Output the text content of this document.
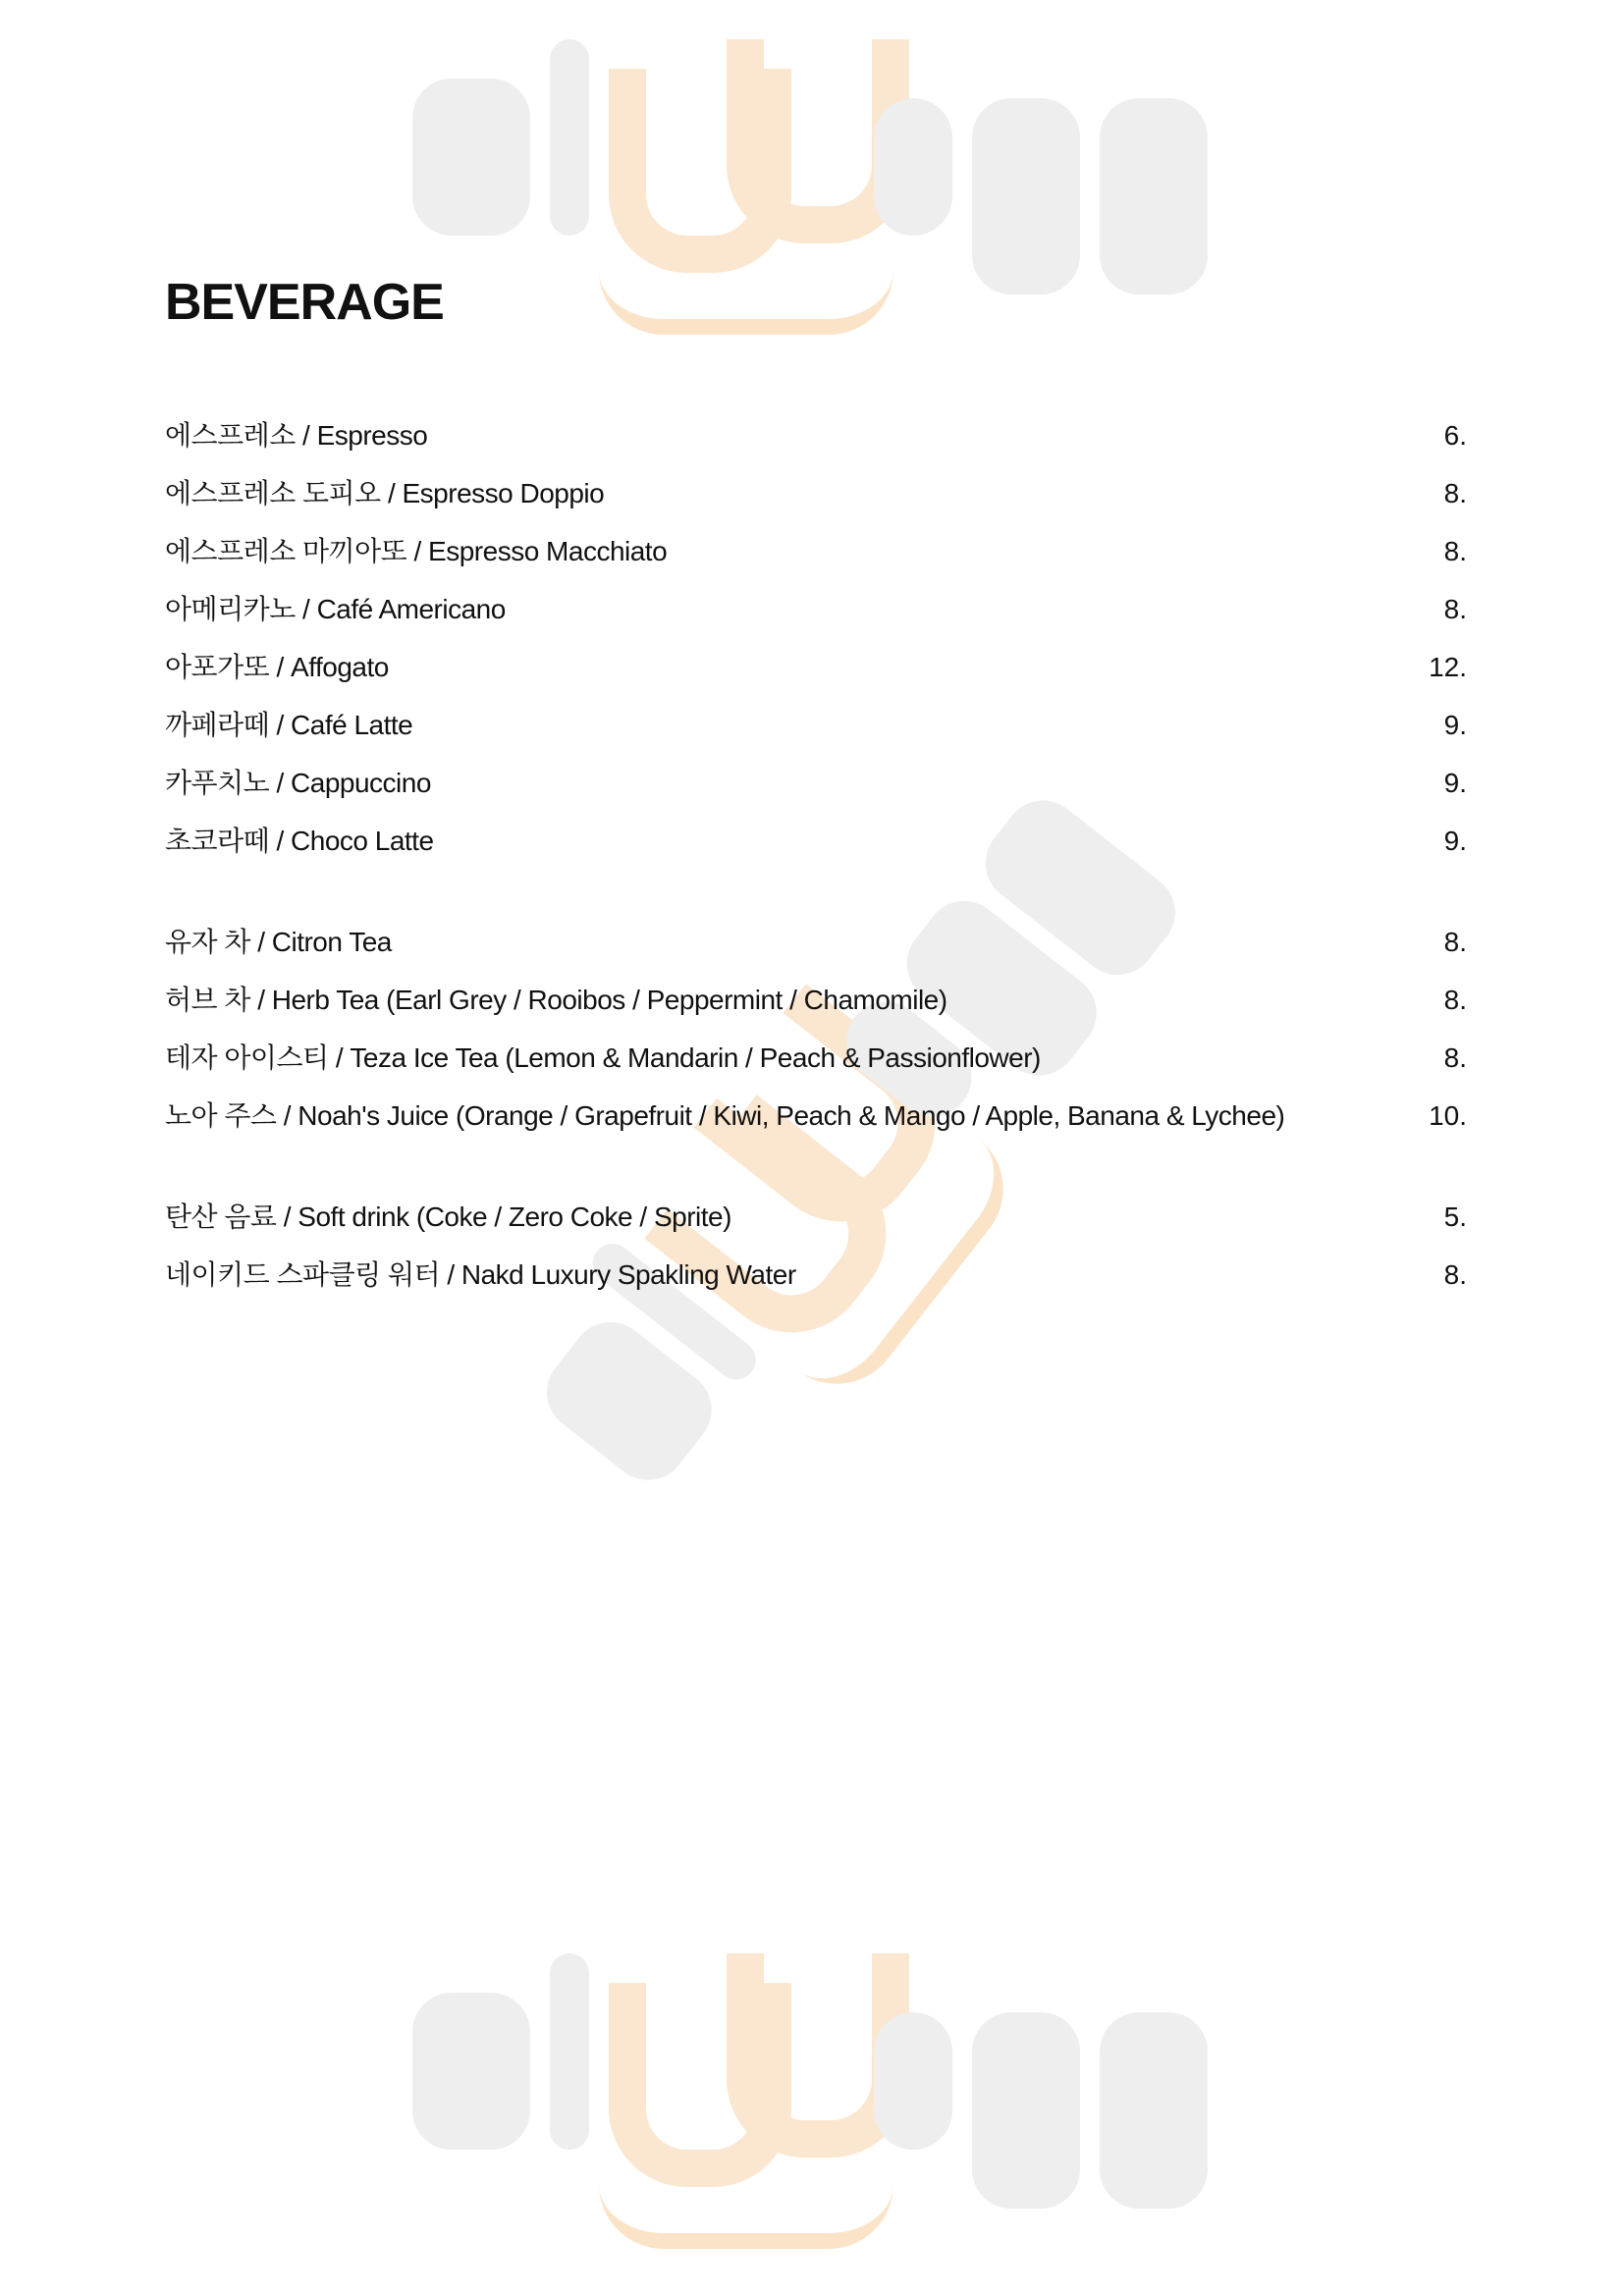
BEVERAGE
에스프레소 / Espresso	6.
에스프레소 도피오 / Espresso Doppio	8.
에스프레소 마끼아또 / Espresso Macchiato	8.
아메리카노 / Café Americano	8.
아포가또 / Affogato	12.
까페라떼 / Café Latte	9.
카푸치노 / Cappuccino	9.
초코라떼 / Choco Latte	9.
유자 차 / Citron Tea	8.
허브 차 / Herb Tea (Earl Grey / Rooibos / Peppermint / Chamomile)	8.
테자 아이스티 / Teza Ice Tea (Lemon & Mandarin / Peach & Passionflower)	8.
노아 주스 / Noah's Juice (Orange / Grapefruit / Kiwi, Peach & Mango / Apple, Banana & Lychee)	10.
탄산 음료 / Soft drink (Coke / Zero Coke / Sprite)	5.
네이키드 스파클링 워터 / Nakd Luxury Spakling Water	8.
